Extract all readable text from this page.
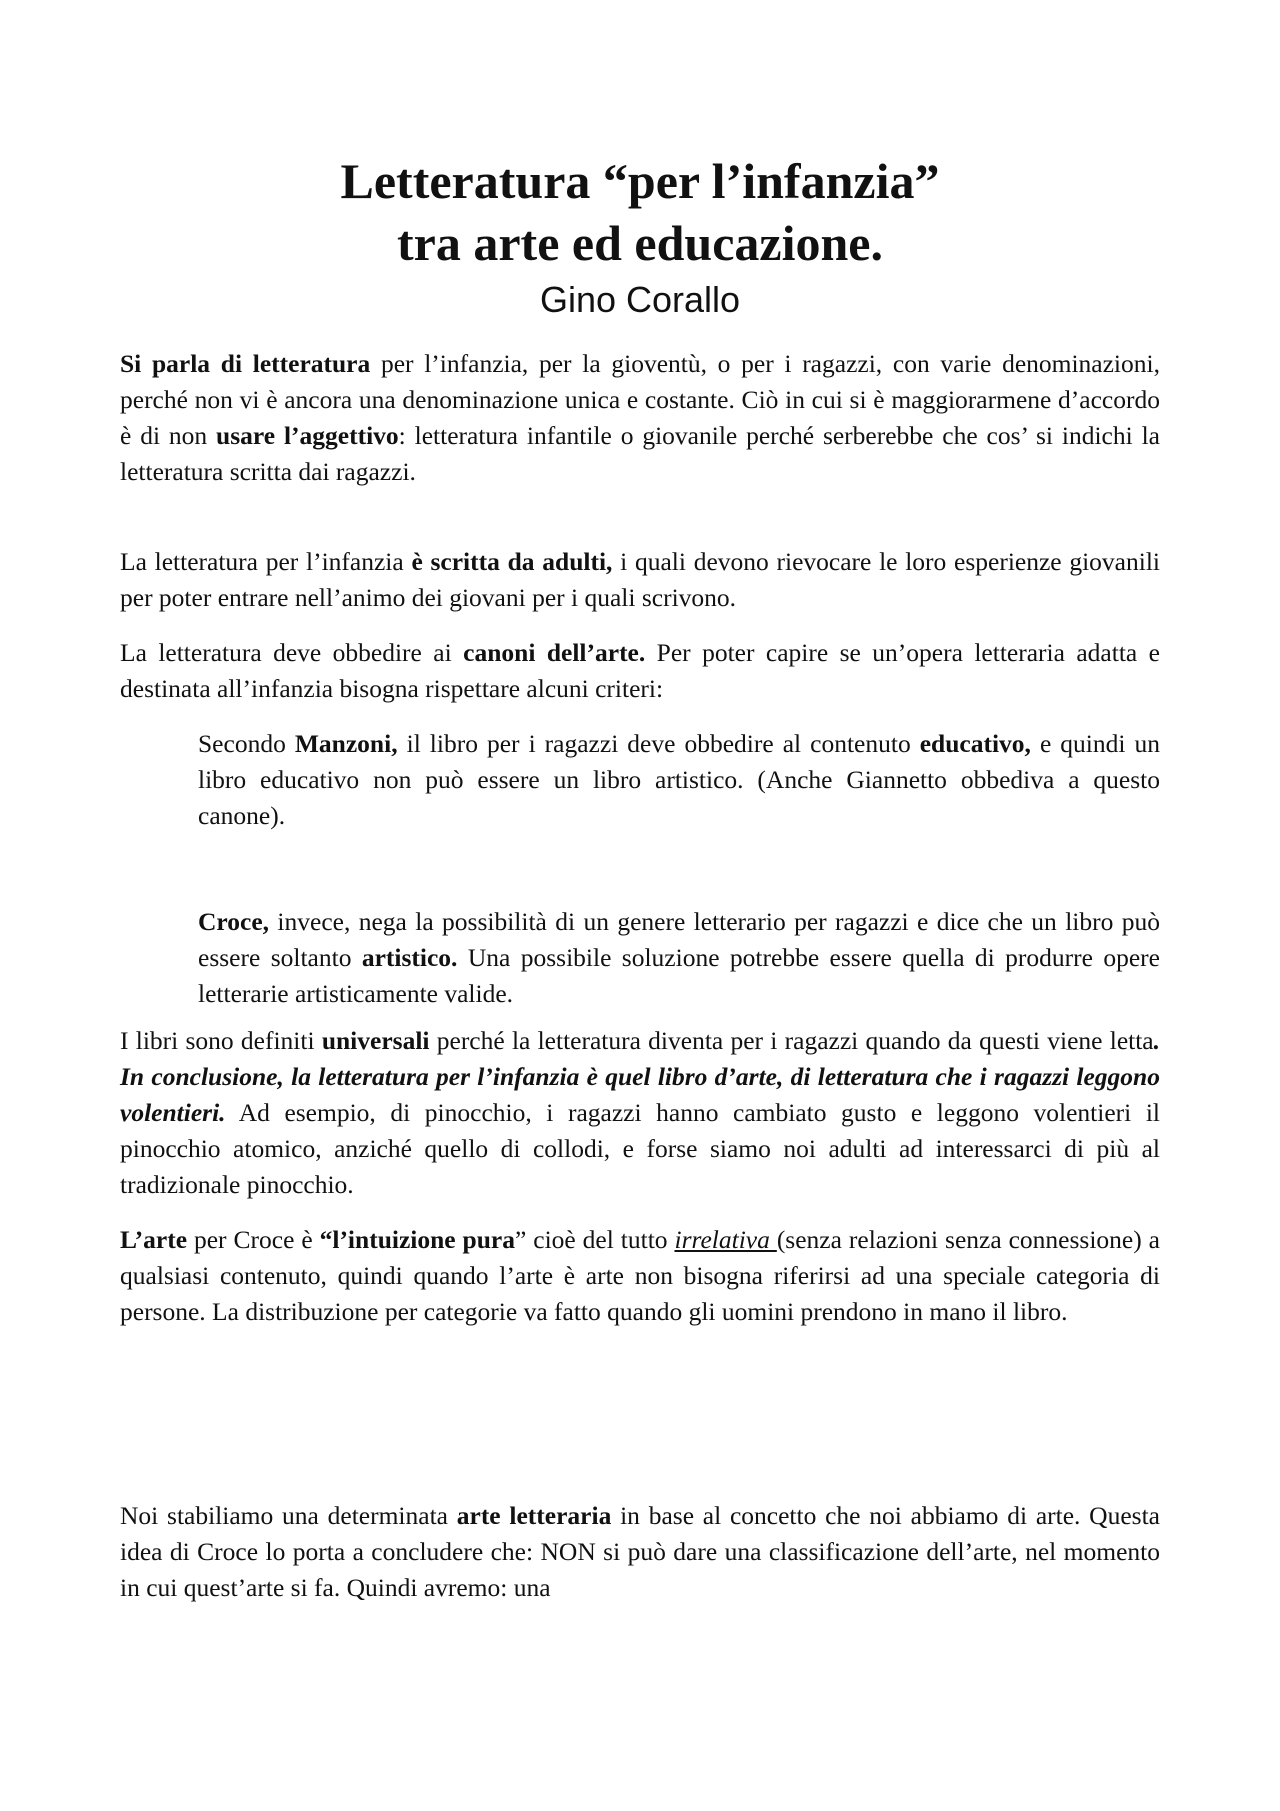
Letteratura “per l’infanzia”
tra arte ed educazione.
Gino Corallo

Si parla di letteratura per l’infanzia, per la gioventù, o per i ragazzi, con varie denominazioni, perché non vi è ancora una denominazione unica e costante. Ciò in cui si è maggiorarmene d’accordo è di non usare l’aggettivo: letteratura infantile o giovanile perché serberebbe che cos’ si indichi la letteratura scritta dai ragazzi.

La letteratura per l’infanzia è scritta da adulti, i quali devono rievocare le loro esperienze giovanili per poter entrare nell’animo dei giovani per i quali scrivono.

La letteratura deve obbedire ai canoni dell’arte. Per poter capire se un’opera letteraria adatta e destinata all’infanzia bisogna rispettare alcuni criteri:

Secondo Manzoni, il libro per i ragazzi deve obbedire al contenuto educativo, e quindi un libro educativo non può essere un libro artistico. (Anche Giannetto obbediva a questo canone).

Croce, invece, nega la possibilità di un genere letterario per ragazzi e dice che un libro può essere soltanto artistico. Una possibile soluzione potrebbe essere quella di produrre opere letterarie artisticamente valide.

I libri sono definiti universali perché la letteratura diventa per i ragazzi quando da questi viene letta. In conclusione, la letteratura per l’infanzia è quel libro d’arte, di letteratura che i ragazzi leggono volentieri. Ad esempio, di pinocchio, i ragazzi hanno cambiato gusto e leggono volentieri il pinocchio atomico, anziché quello di collodi, e forse siamo noi adulti ad interessarci di più al tradizionale pinocchio.

L’arte per Croce è “l’intuizione pura” cioè del tutto irrelativa (senza relazioni senza connessione) a qualsiasi contenuto, quindi quando l’arte è arte non bisogna riferirsi ad una speciale categoria di persone. La distribuzione per categorie va fatto quando gli uomini prendono in mano il libro.

Noi stabiliamo una determinata arte letteraria in base al concetto che noi abbiamo di arte. Questa idea di Croce lo porta a concludere che: NON si può dare una classificazione dell’arte, nel momento in cui quest’arte si fa. Quindi avremo: una
